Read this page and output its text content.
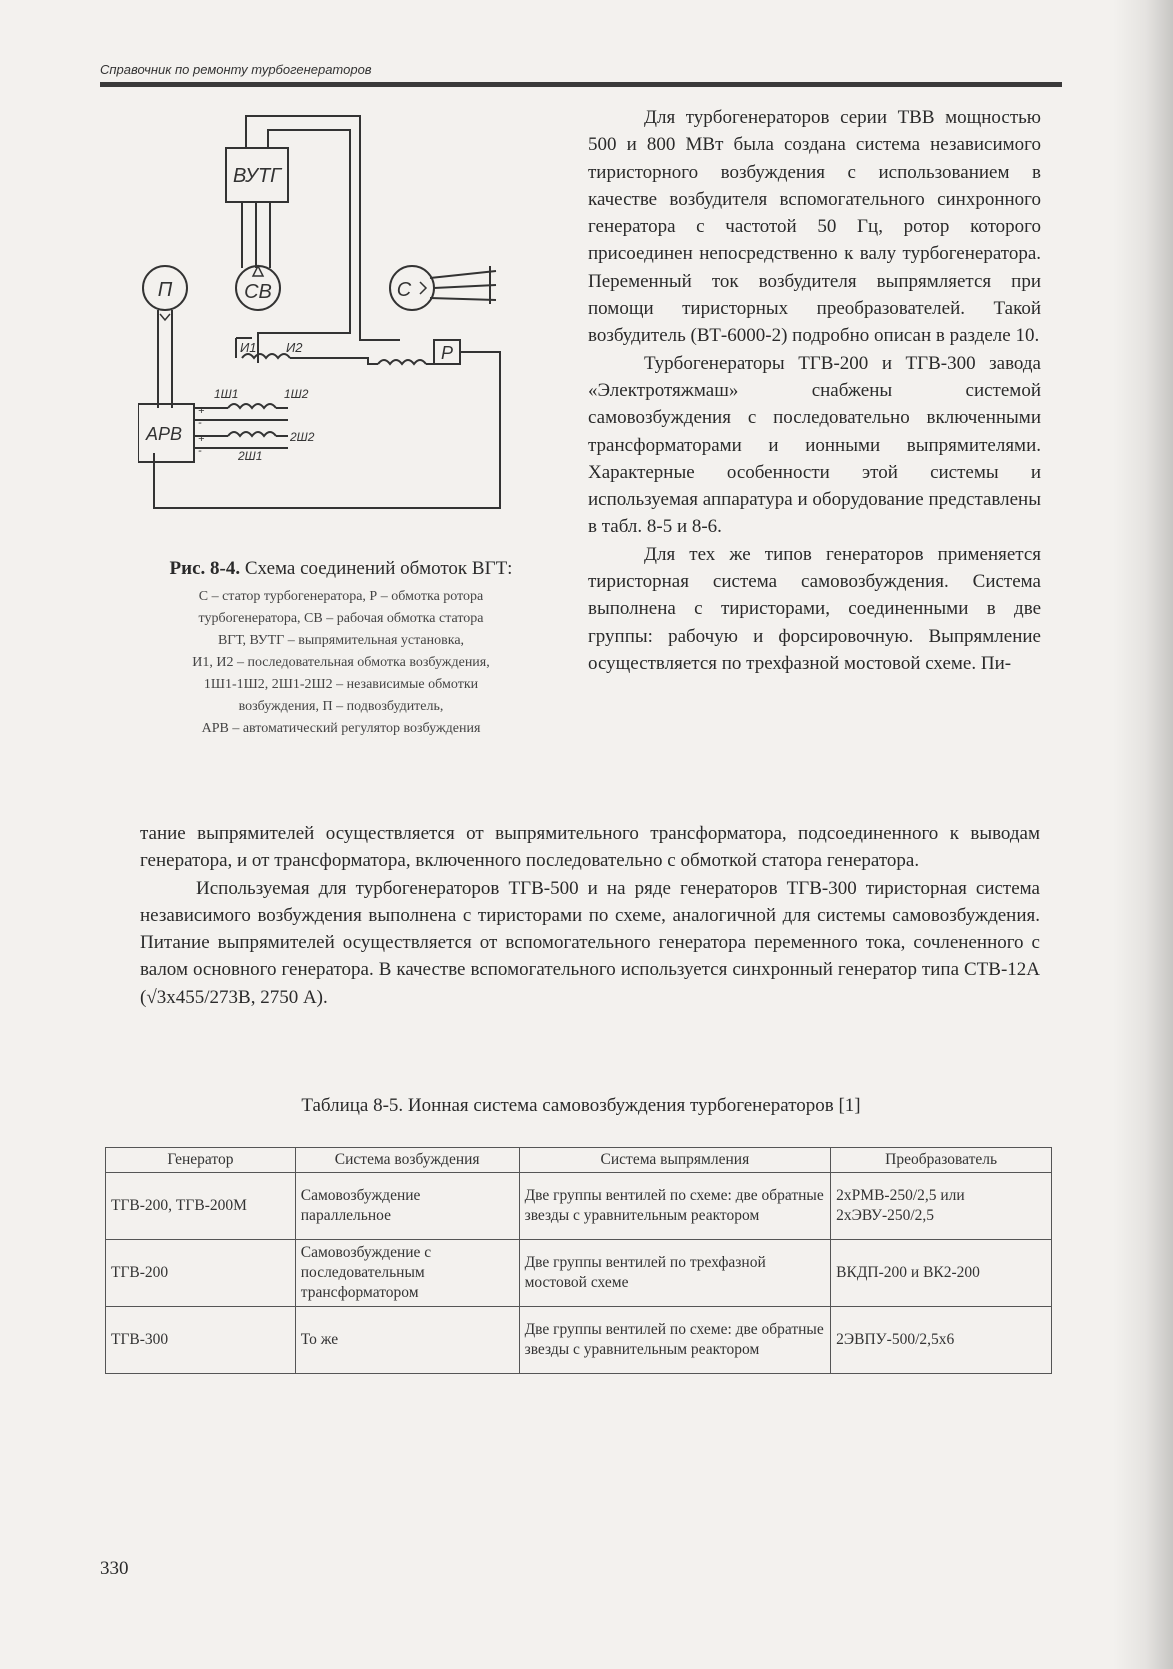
Справочник по ремонту турбогенераторов
ВУТГ
СВ
П	С
Р
И1 И2
1Ш1	1Ш2
2Ш1
2Ш2
АРВ
+
-
+
-
Рис. 8-4. Схема соединений обмоток ВГТ:
С – статор турбогенератора, Р – обмотка ротора
турбогенератора, СВ – рабочая обмотка статора
ВГТ, ВУТГ – выпрямительная установка,
И1, И2 – последовательная обмотка возбуждения,
1Ш1-1Ш2, 2Ш1-2Ш2 – независимые обмотки
возбуждения, П – подвозбудитель,
АРВ – автоматический регулятор возбуждения

Для турбогенераторов серии ТВВ мощностью 500 и 800 МВт была создана система независимого тиристорного возбуждения с использованием в качестве возбудителя вспомогательного синхронного генератора с частотой 50 Гц, ротор которого присоединен непосредственно к валу турбогенератора. Переменный ток возбудителя выпрямляется при помощи тиристорных преобразователей. Такой возбудитель (ВТ-6000-2) подробно описан в разделе 10.

Турбогенераторы ТГВ-200 и ТГВ-300 завода «Электротяжмаш» снабжены системой самовозбуждения с последовательно включенными трансформаторами и ионными выпрямителями. Характерные особенности этой системы и используемая аппаратура и оборудование представлены в табл. 8-5 и 8-6.

Для тех же типов генераторов применяется тиристорная система самовозбуждения. Система выполнена с тиристорами, соединенными в две группы: рабочую и форсировочную. Выпрямление осуществляется по трехфазной мостовой схеме. Пи-

тание выпрямителей осуществляется от выпрямительного трансформатора, подсоединенного к выводам генератора, и от трансформатора, включенного последовательно с обмоткой статора генератора.

Используемая для турбогенераторов ТГВ-500 и на ряде генераторов ТГВ-300 тиристорная система независимого возбуждения выполнена с тиристорами по схеме, аналогичной для системы самовозбуждения. Питание выпрямителей осуществляется от вспомогательного генератора переменного тока, сочлененного с валом основного генератора. В качестве вспомогательного используется синхронный генератор типа СТВ-12А (√3х455/273В, 2750 А).

Таблица 8-5. Ионная система самовозбуждения турбогенераторов [1]
Генератор	Система возбуждения	Система выпрямления	Преобразователь
ТГВ-200, ТГВ-200М	Самовозбуждение параллельное	Две группы вентилей по схеме: две обратные звезды с уравнительным реактором	2хРМВ-250/2,5 или 2хЭВУ-250/2,5
ТГВ-200	Самовозбуждение с последовательным трансформатором	Две группы вентилей по трехфазной мостовой схеме	ВКДП-200 и ВК2-200
ТГВ-300	То же	Две группы вентилей по схеме: две обратные звезды с уравнительным реактором	2ЭВПУ-500/2,5х6
330
